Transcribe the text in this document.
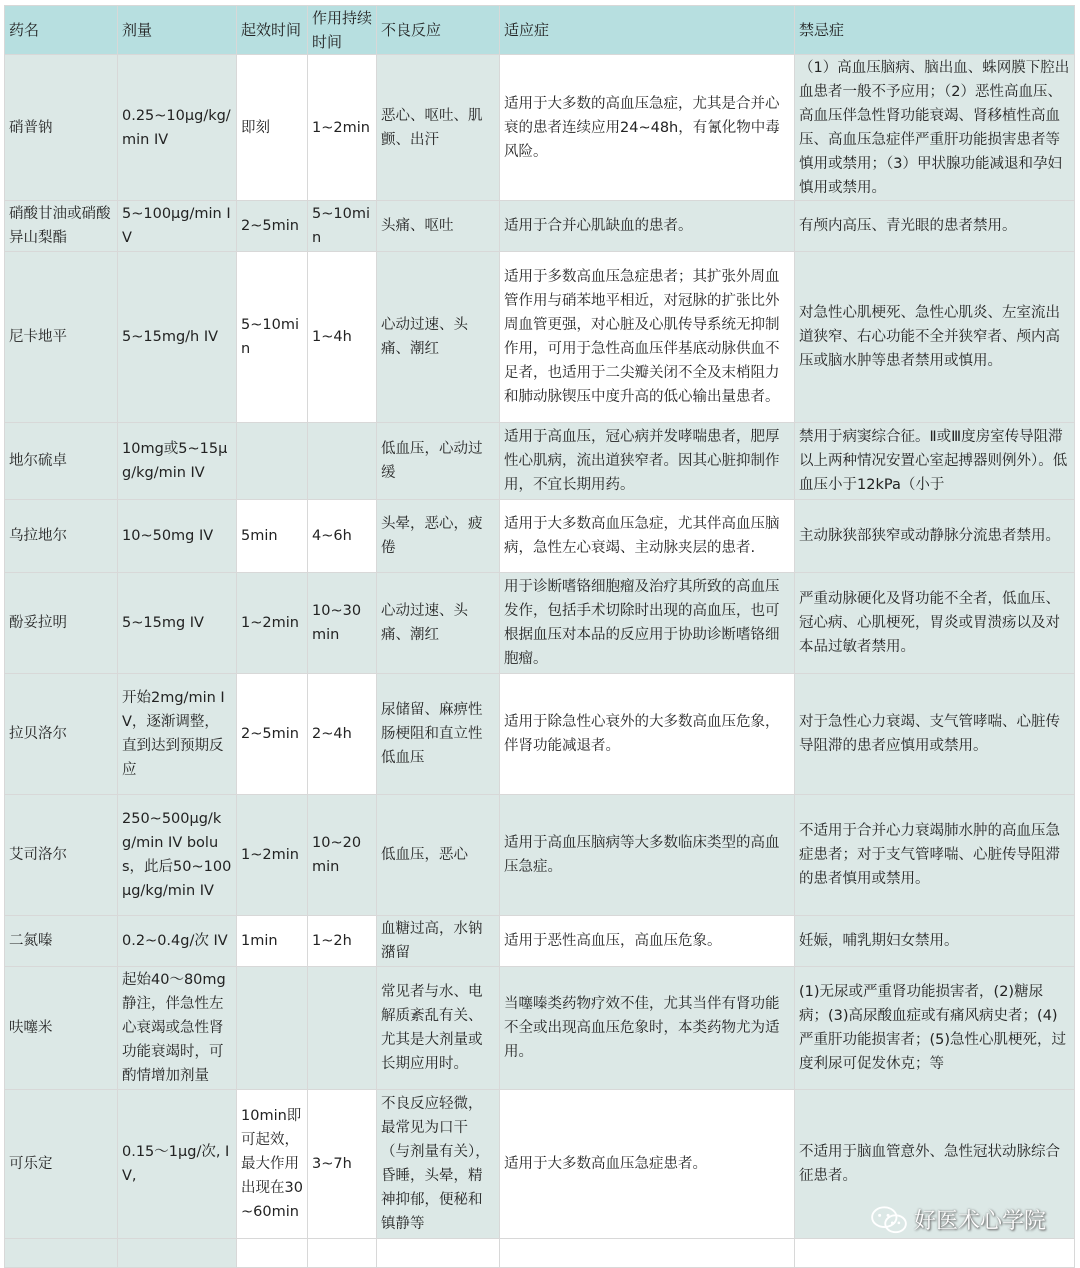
药名	剂量	起效时间	作用持续时间	不良反应	适应症	禁忌症
硝普钠	0.25~10μg/kg/min IV	即刻	1~2min	恶心、呕吐、肌颤、出汗	适用于大多数的高血压急症，尤其是合并心衰的患者连续应用24~48h，有氰化物中毒风险。	（1）高血压脑病、脑出血、蛛网膜下腔出血患者一般不予应用；（2）恶性高血压、高血压伴急性肾功能衰竭、肾移植性高血压、高血压急症伴严重肝功能损害患者等慎用或禁用；（3）甲状腺功能减退和孕妇慎用或禁用。
硝酸甘油或硝酸异山梨酯	5~100μg/min IV	2~5min	5~10min	头痛、呕吐	适用于合并心肌缺血的患者。	有颅内高压、青光眼的患者禁用。
尼卡地平	5~15mg/h IV	5~10min	1~4h	心动过速、头痛、潮红	适用于多数高血压急症患者；其扩张外周血管作用与硝苯地平相近，对冠脉的扩张比外周血管更强，对心脏及心肌传导系统无抑制作用，可用于急性高血压伴基底动脉供血不足者，也适用于二尖瓣关闭不全及末梢阻力和肺动脉锲压中度升高的低心输出量患者。	对急性心肌梗死、急性心肌炎、左室流出道狭窄、右心功能不全并狭窄者、颅内高压或脑水肿等患者禁用或慎用。
地尔硫卓	10mg或5~15μg/kg/min IV			低血压，心动过缓	适用于高血压，冠心病并发哮喘患者，肥厚性心肌病，流出道狭窄者。因其心脏抑制作用，不宜长期用药。	禁用于病窦综合征。Ⅱ或Ⅲ度房室传导阻滞以上两种情况安置心室起搏器则例外）。低血压小于12kPa（小于
乌拉地尔	10~50mg IV	5min	4~6h	头晕，恶心，疲倦	适用于大多数高血压急症，尤其伴高血压脑病，急性左心衰竭、主动脉夹层的患者.	主动脉狭部狭窄或动静脉分流患者禁用。
酚妥拉明	5~15mg IV	1~2min	10~30min	心动过速、头痛、潮红	用于诊断嗜铬细胞瘤及治疗其所致的高血压发作，包括手术切除时出现的高血压，也可根据血压对本品的反应用于协助诊断嗜铬细胞瘤。	严重动脉硬化及肾功能不全者，低血压、冠心病、心肌梗死，胃炎或胃溃疡以及对本品过敏者禁用。
拉贝洛尔	开始2mg/min IV，逐渐调整，直到达到预期反应	2~5min	2~4h	尿储留、麻痹性肠梗阻和直立性低血压	适用于除急性心衰外的大多数高血压危象，伴肾功能减退者。	对于急性心力衰竭、支气管哮喘、心脏传导阻滞的患者应慎用或禁用。
艾司洛尔	250~500μg/kg/min IV bolus，此后50~100μg/kg/min IV	1~2min	10~20min	低血压，恶心	适用于高血压脑病等大多数临床类型的高血压急症。	不适用于合并心力衰竭肺水肿的高血压急症患者；对于支气管哮喘、心脏传导阻滞的患者慎用或禁用。
二氮嗪	0.2~0.4g/次 IV	1min	1~2h	血糖过高，水钠潴留	适用于恶性高血压，高血压危象。	妊娠，哺乳期妇女禁用。
呋噻米	起始40～80mg静注，伴急性左心衰竭或急性肾功能衰竭时，可酌情增加剂量			常见者与水、电解质紊乱有关、尤其是大剂量或长期应用时。	当噻嗪类药物疗效不佳，尤其当伴有肾功能不全或出现高血压危象时，本类药物尤为适用。	(1)无尿或严重肾功能损害者，(2)糖尿病；(3)高尿酸血症或有痛风病史者；(4)严重肝功能损害者；(5)急性心肌梗死，过度利尿可促发休克；等
可乐定	0.15～1μg/次, IV,	10min即可起效，最大作用出现在30~60min	3~7h	不良反应轻微，最常见为口干（与剂量有关），昏睡，头晕，精神抑郁，便秘和镇静等	适用于大多数高血压急症患者。	不适用于脑血管意外、急性冠状动脉综合征患者。

好医术心学院
